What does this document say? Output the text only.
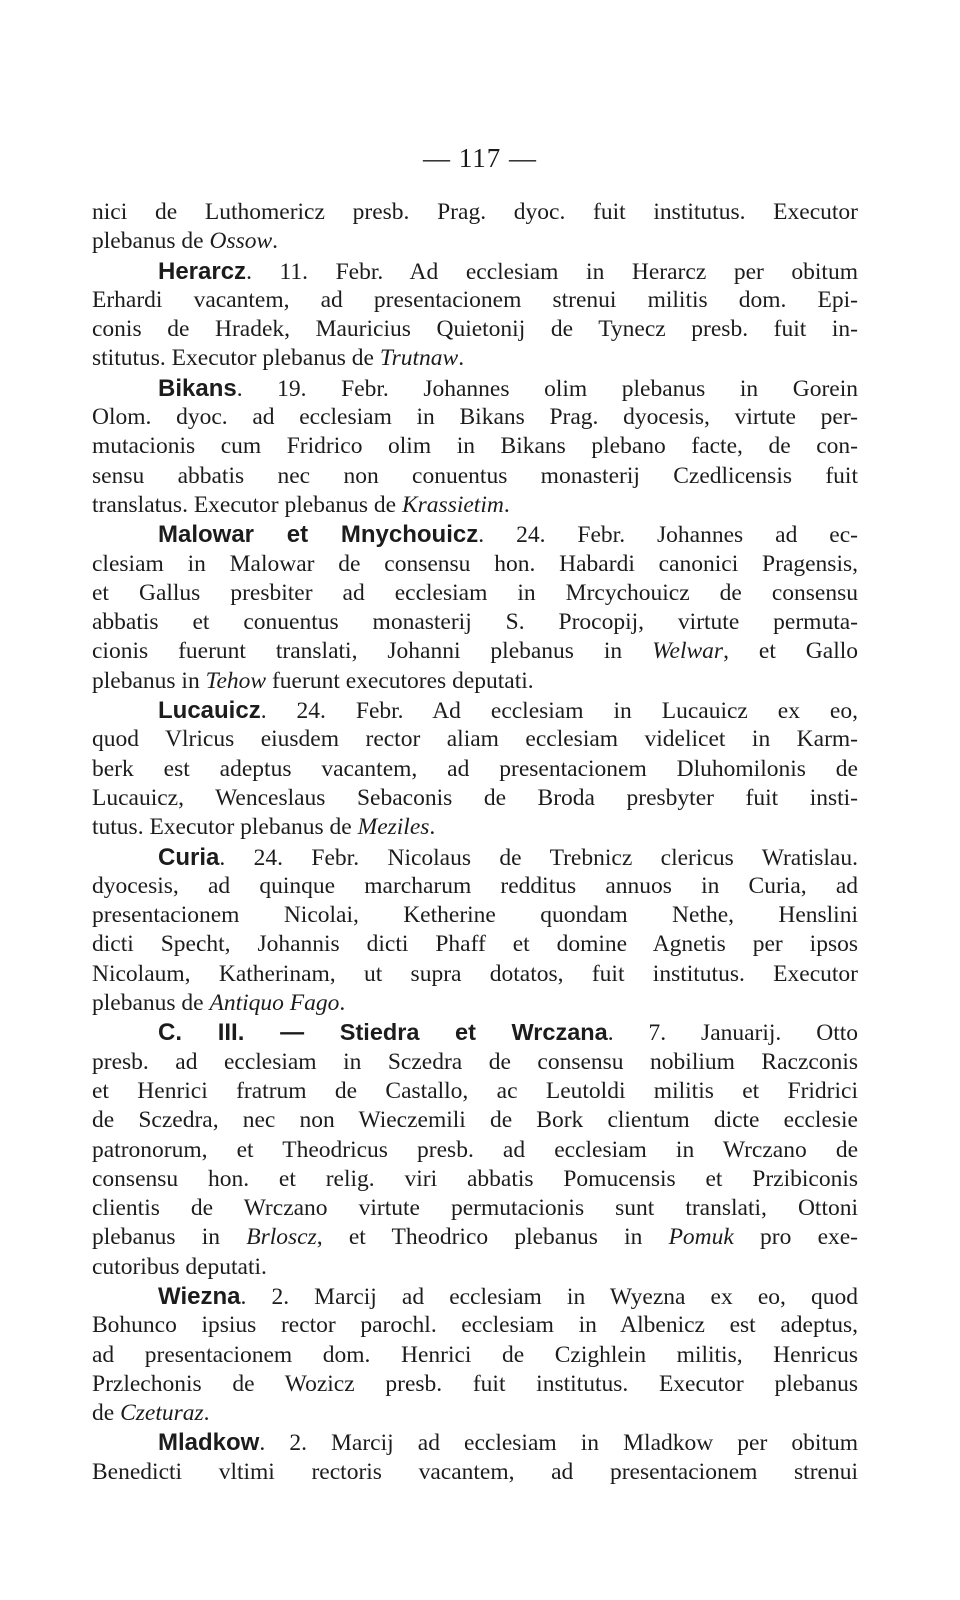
— 117 —
nici de Luthomericz presb. Prag. dyoc. fuit institutus. Executor
plebanus de Ossow.
Herarcz. 11. Febr. Ad ecclesiam in Herarcz per obitum
Erhardi vacantem, ad presentacionem strenui militis dom. Epi-
conis de Hradek, Mauricius Quietonij de Tynecz presb. fuit in-
stitutus. Executor plebanus de Trutnaw.
Bikans. 19. Febr. Johannes olim plebanus in Gorein
Olom. dyoc. ad ecclesiam in Bikans Prag. dyocesis, virtute per-
mutacionis cum Fridrico olim in Bikans plebano facte, de con-
sensu abbatis nec non conuentus monasterij Czedlicensis fuit
translatus. Executor plebanus de Krassietim.
Malowar et Mnychouicz. 24. Febr. Johannes ad ec-
clesiam in Malowar de consensu hon. Habardi canonici Pragensis,
et Gallus presbiter ad ecclesiam in Mrcychouicz de consensu
abbatis et conuentus monasterij S. Procopij, virtute permuta-
cionis fuerunt translati, Johanni plebanus in Welwar, et Gallo
plebanus in Tehow fuerunt executores deputati.
Lucauicz. 24. Febr. Ad ecclesiam in Lucauicz ex eo,
quod Vlricus eiusdem rector aliam ecclesiam videlicet in Karm-
berk est adeptus vacantem, ad presentacionem Dluhomilonis de
Lucauicz, Wenceslaus Sebaconis de Broda presbyter fuit insti-
tutus. Executor plebanus de Meziles.
Curia. 24. Febr. Nicolaus de Trebnicz clericus Wratislau.
dyocesis, ad quinque marcharum redditus annuos in Curia, ad
presentacionem Nicolai, Ketherine quondam Nethe, Henslini
dicti Specht, Johannis dicti Phaff et domine Agnetis per ipsos
Nicolaum, Katherinam, ut supra dotatos, fuit institutus. Executor
plebanus de Antiquo Fago.
C. III. — Stiedra et Wrczana. 7. Januarij. Otto
presb. ad ecclesiam in Sczedra de consensu nobilium Raczconis
et Henrici fratrum de Castallo, ac Leutoldi militis et Fridrici
de Sczedra, nec non Wieczemili de Bork clientum dicte ecclesie
patronorum, et Theodricus presb. ad ecclesiam in Wrczano de
consensu hon. et relig. viri abbatis Pomucensis et Przibiconis
clientis de Wrczano virtute permutacionis sunt translati, Ottoni
plebanus in Brloscz, et Theodrico plebanus in Pomuk pro exe-
cutoribus deputati.
Wiezna. 2. Marcij ad ecclesiam in Wyezna ex eo, quod
Bohunco ipsius rector parochl. ecclesiam in Albenicz est adeptus,
ad presentacionem dom. Henrici de Czighlein militis, Henricus
Przlechonis de Wozicz presb. fuit institutus. Executor plebanus
de Czeturaz.
Mladkow. 2. Marcij ad ecclesiam in Mladkow per obitum
Benedicti vltimi rectoris vacantem, ad presentacionem strenui
